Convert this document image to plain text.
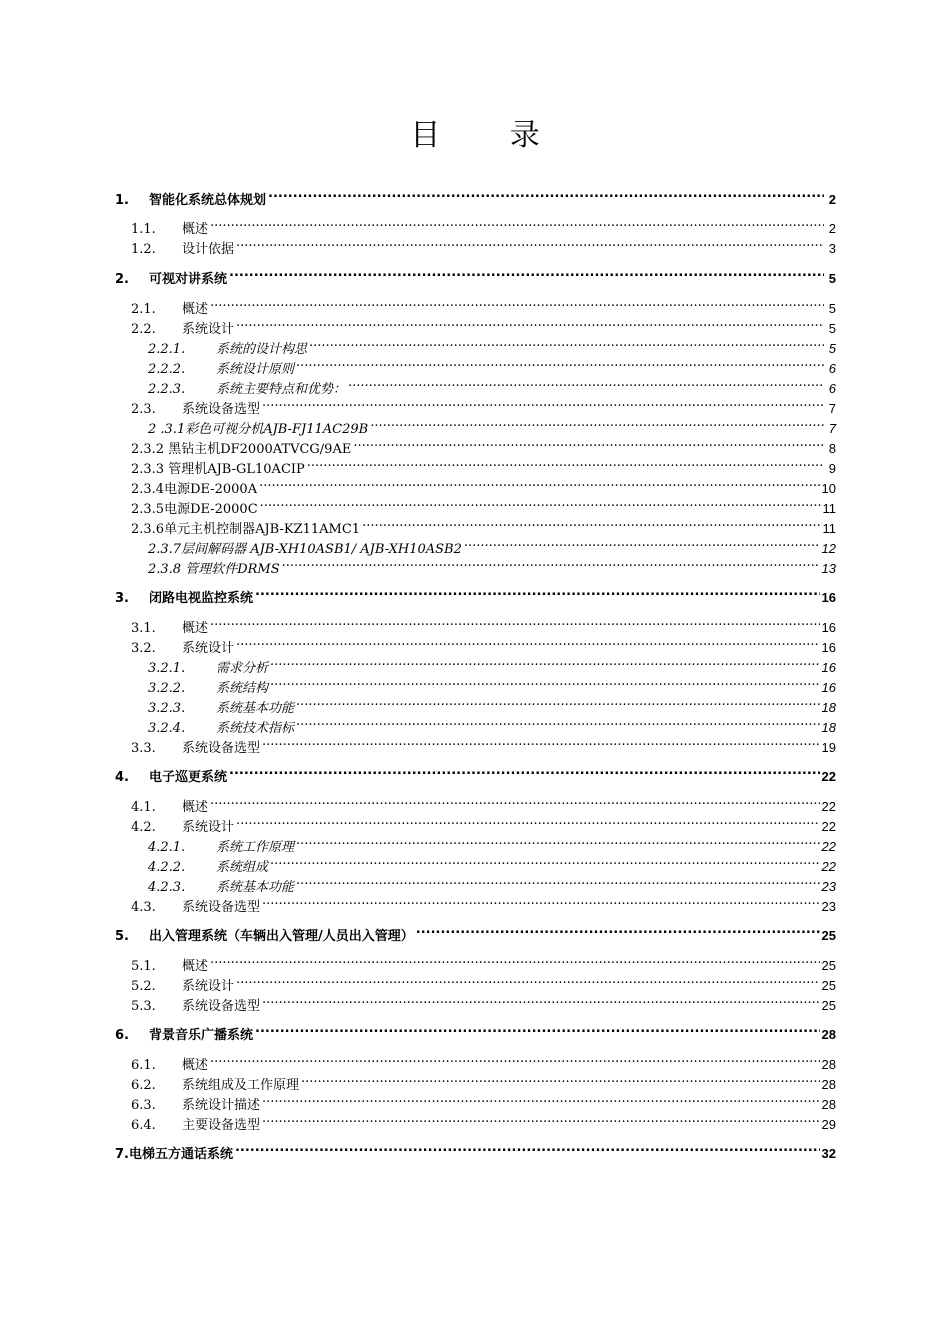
目 录
1.	智能化系统总体规划 .....	2
1.1.	概述 .....	2
1.2.	设计依据 .....	3
2.	可视对讲系统 .....	5
2.1.	概述 .....	5
2.2.	系统设计 .....	5
2.2.1.	系统的设计构思 .....	5
2.2.2.	系统设计原则 .....	6
2.2.3.	系统主要特点和优势： .....	6
2.3.	系统设备选型 .....	7
2 .3.1彩色可视分机AJB-FJ11AC29B .....	7
2.3.2 黑钻主机DF2000ATVCG/9AE .....	8
2.3.3 管理机AJB-GL10ACIP .....	9
2.3.4电源DE-2000A .....	10
2.3.5电源DE-2000C .....	11
2.3.6单元主机控制器AJB-KZ11AMC1 .....	11
2.3.7层间解码器 AJB-XH10ASB1/ AJB-XH10ASB2 .....	12
2.3.8 管理软件DRMS .....	13
3.	闭路电视监控系统 .....	16
3.1.	概述 .....	16
3.2.	系统设计 .....	16
3.2.1.	需求分析 .....	16
3.2.2.	系统结构 .....	16
3.2.3.	系统基本功能 .....	18
3.2.4.	系统技术指标 .....	18
3.3.	系统设备选型 .....	19
4.	电子巡更系统 .....	22
4.1.	概述 .....	22
4.2.	系统设计 .....	22
4.2.1.	系统工作原理 .....	22
4.2.2.	系统组成 .....	22
4.2.3.	系统基本功能 .....	23
4.3.	系统设备选型 .....	23
5.	出入管理系统（车辆出入管理/人员出入管理） .....	25
5.1.	概述 .....	25
5.2.	系统设计 .....	25
5.3.	系统设备选型 .....	25
6.	背景音乐广播系统 .....	28
6.1.	概述 .....	28
6.2.	系统组成及工作原理 .....	28
6.3.	系统设计描述 .....	28
6.4.	主要设备选型 .....	29
7.电梯五方通话系统 .....	32
